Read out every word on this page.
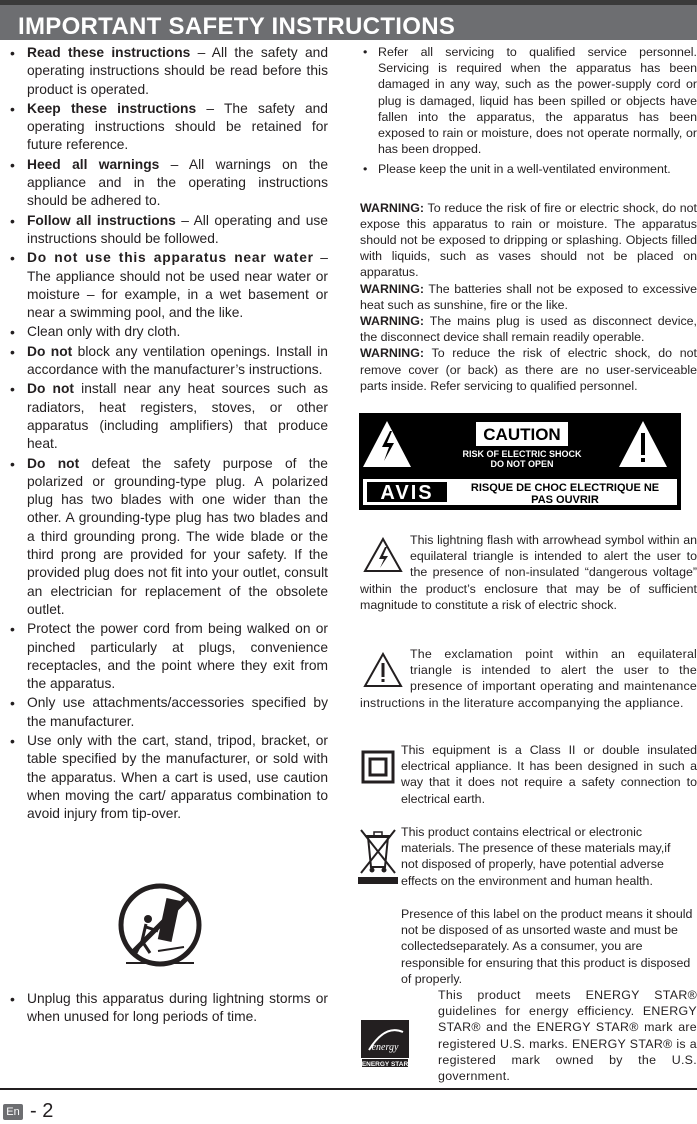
IMPORTANT SAFETY INSTRUCTIONS
• Read these instructions – All the safety and operating instructions should be read before this product is operated.
• Keep these instructions – The safety and operating instructions should be retained for future reference.
• Heed all warnings – All warnings on the appliance and in the operating instructions should be adhered to.
• Follow all instructions – All operating and use instructions should be followed.
• Do not use this apparatus near water – The appliance should not be used near water or moisture – for example, in a wet basement or near a swimming pool, and the like.
• Clean only with dry cloth.
• Do not block any ventilation openings. Install in accordance with the manufacturer’s instructions.
• Do not install near any heat sources such as radiators, heat registers, stoves, or other apparatus (including amplifiers) that produce heat.
• Do not defeat the safety purpose of the polarized or grounding-type plug. A polarized plug has two blades with one wider than the other. A grounding-type plug has two blades and a third grounding prong. The wide blade or the third prong are provided for your safety. If the provided plug does not fit into your outlet, consult an electrician for replacement of the obsolete outlet.
• Protect the power cord from being walked on or pinched particularly at plugs, convenience receptacles, and the point where they exit from the apparatus.
• Only use attachments/accessories specified by the manufacturer.
• Use only with the cart, stand, tripod, bracket, or table specified by the manufacturer, or sold with the apparatus. When a cart is used, use caution when moving the cart/ apparatus combination to avoid injury from tip-over.
• Unplug this apparatus during lightning storms or when unused for long periods of time.
• Refer all servicing to qualified service personnel. Servicing is required when the apparatus has been damaged in any way, such as the power-supply cord or plug is damaged, liquid has been spilled or objects have fallen into the apparatus, the apparatus has been exposed to rain or moisture, does not operate normally, or has been dropped.
• Please keep the unit in a well-ventilated environment.

WARNING: To reduce the risk of fire or electric shock, do not expose this apparatus to rain or moisture. The apparatus should not be exposed to dripping or splashing. Objects filled with liquids, such as vases should not be placed on apparatus.

WARNING: The batteries shall not be exposed to excessive heat such as sunshine, fire or the like.

WARNING: The mains plug is used as disconnect device, the disconnect device shall remain readily operable.

WARNING: To reduce the risk of electric shock, do not remove cover (or back) as there are no user-serviceable parts inside. Refer servicing to qualified personnel.

CAUTION
RISK OF ELECTRIC SHOCK
DO NOT OPEN
AVIS	RISQUE DE CHOC ELECTRIQUE NE
PAS OUVRIR
This lightning flash with arrowhead symbol within an equilateral triangle is intended to alert the user to the presence of non-insulated “dangerous voltage” within the product’s enclosure that may be of sufficient magnitude to constitute a risk of electric shock.
The exclamation point within an equilateral triangle is intended to alert the user to the presence of important operating and maintenance instructions in the literature accompanying the appliance.
This equipment is a Class II or double insulated electrical appliance. It has been designed in such a way that it does not require a safety connection to electrical earth.
This product contains electrical or electronic materials. The presence of these materials may,if not disposed of properly, have potential adverse effects on the environment and human health.
Presence of this label on the product means it should not be disposed of as unsorted waste and must be collectedseparately. As a consumer, you are responsible for ensuring that this product is disposed of properly.
energy
ENERGY STAR
This product meets ENERGY STAR® guidelines for energy efficiency. ENERGY STAR® and the ENERGY STAR® mark are registered U.S. marks. ENERGY STAR® is a registered mark owned by the U.S. government.
En - 2
